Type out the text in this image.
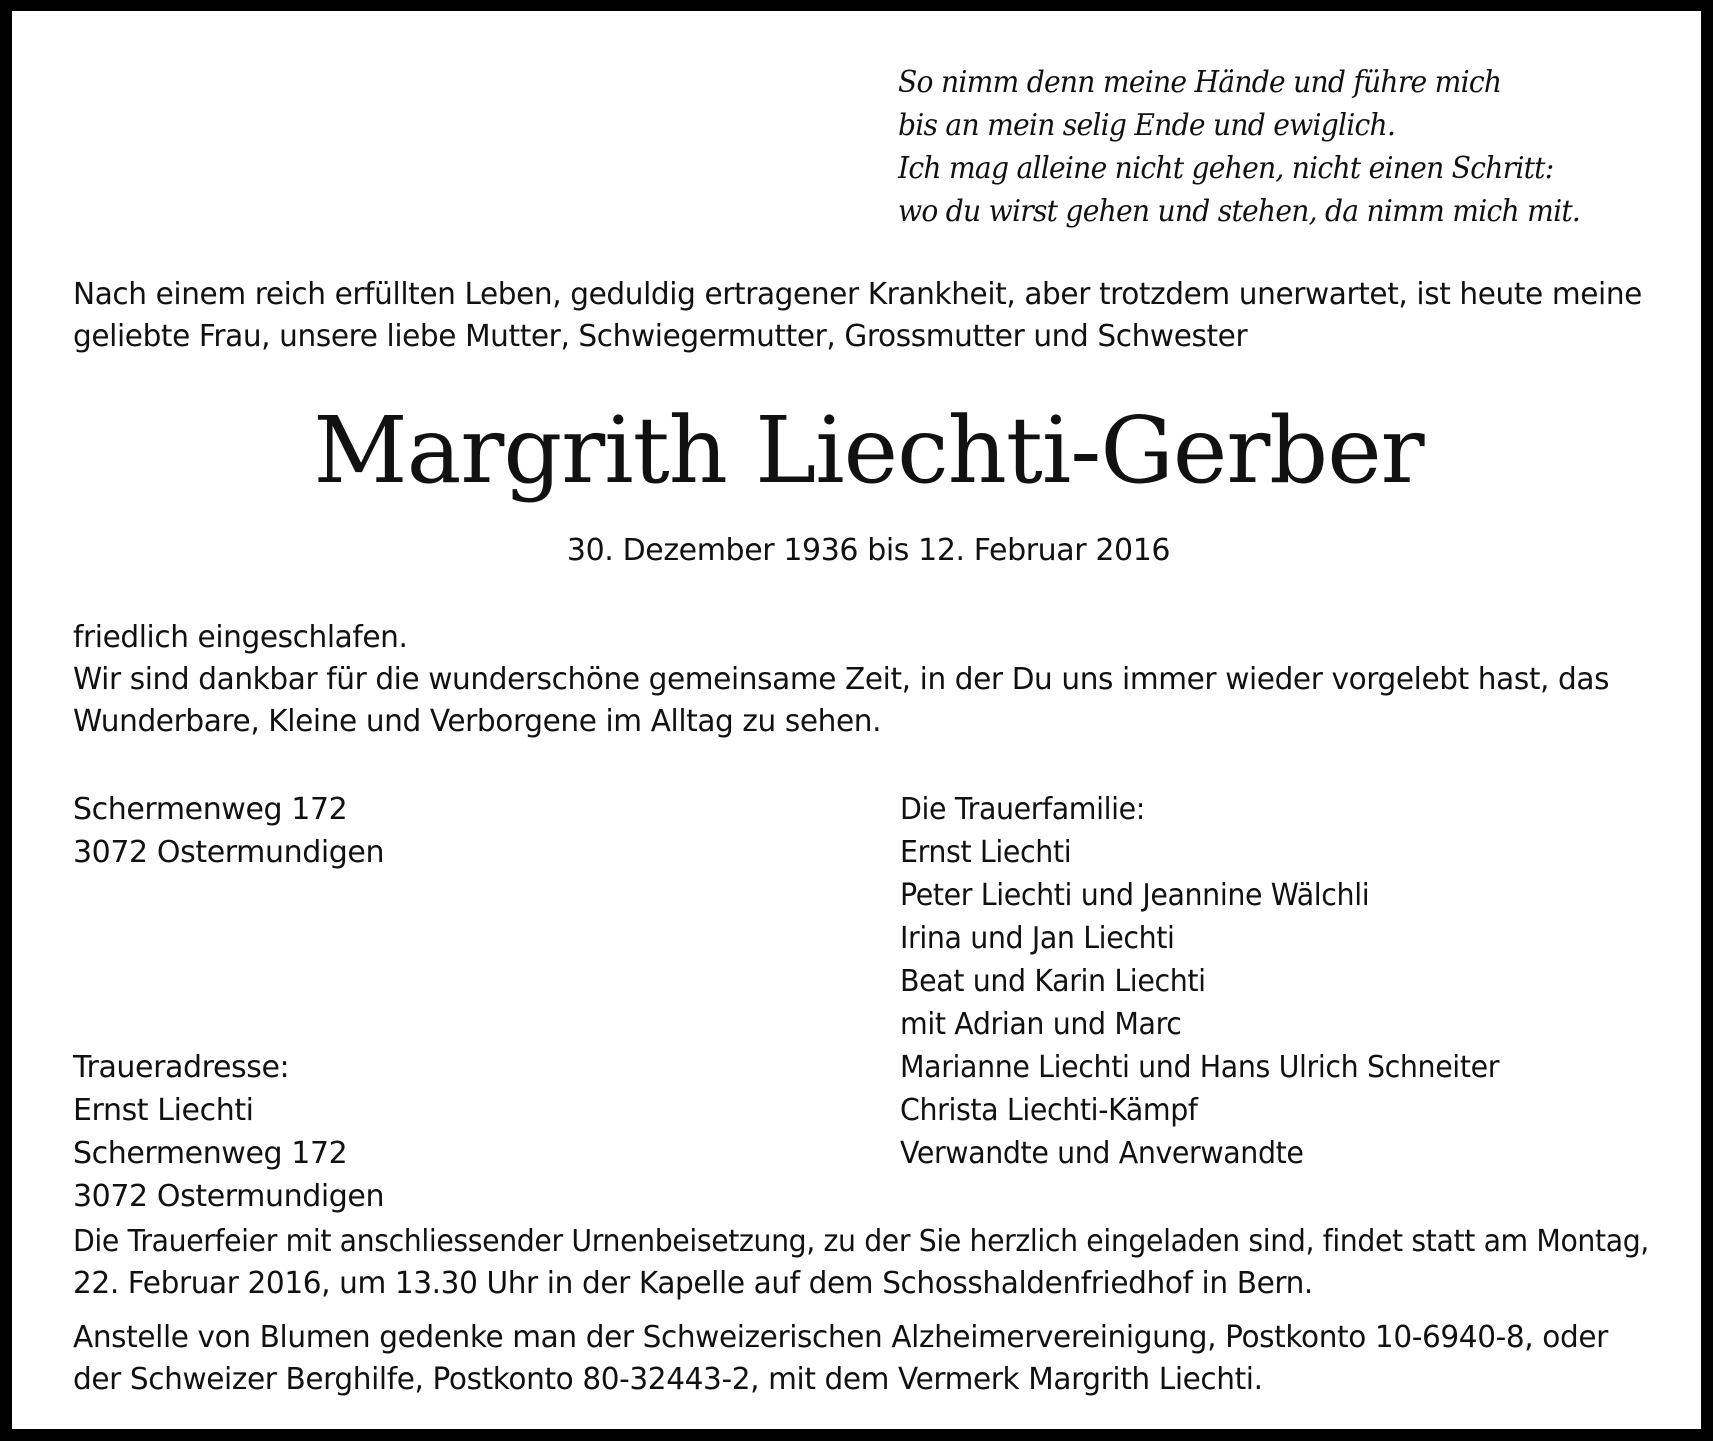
So nimm denn meine Hände und führe mich
bis an mein selig Ende und ewiglich.
Ich mag alleine nicht gehen, nicht einen Schritt:
wo du wirst gehen und stehen, da nimm mich mit.
Nach einem reich erfüllten Leben, geduldig ertragener Krankheit, aber trotzdem unerwartet, ist heute meine
geliebte Frau, unsere liebe Mutter, Schwiegermutter, Grossmutter und Schwester
Margrith Liechti-Gerber
30. Dezember 1936 bis 12. Februar 2016
friedlich eingeschlafen.
Wir sind dankbar für die wunderschöne gemeinsame Zeit, in der Du uns immer wieder vorgelebt hast, das
Wunderbare, Kleine und Verborgene im Alltag zu sehen.
Schermenweg 172
3072 Ostermundigen
Traueradresse:
Ernst Liechti
Schermenweg 172
3072 Ostermundigen
Die Trauerfamilie:
Ernst Liechti
Peter Liechti und Jeannine Wälchli
Irina und Jan Liechti
Beat und Karin Liechti
mit Adrian und Marc
Marianne Liechti und Hans Ulrich Schneiter
Christa Liechti-Kämpf
Verwandte und Anverwandte
Die Trauerfeier mit anschliessender Urnenbeisetzung, zu der Sie herzlich eingeladen sind, findet statt am Montag,
22. Februar 2016, um 13.30 Uhr in der Kapelle auf dem Schosshaldenfriedhof in Bern.
Anstelle von Blumen gedenke man der Schweizerischen Alzheimervereinigung, Postkonto 10-6940-8, oder
der Schweizer Berghilfe, Postkonto 80-32443-2, mit dem Vermerk Margrith Liechti.
